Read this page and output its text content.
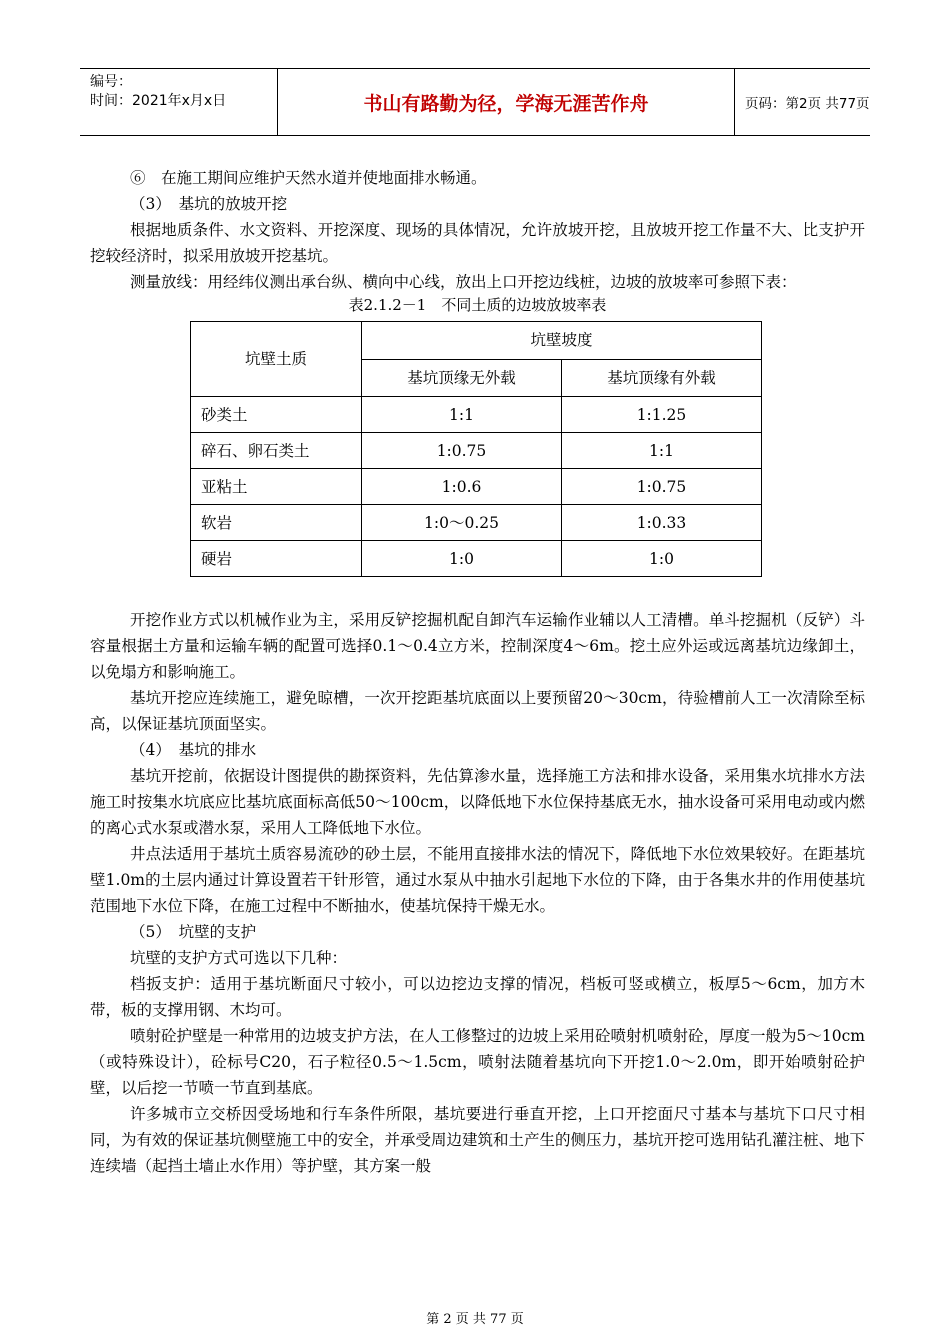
编号：
时间：2021年x月x日	书山有路勤为径，学海无涯苦作舟	页码：第2页 共77页

⑥　在施工期间应维护天然水道并使地面排水畅通。

（3）　基坑的放坡开挖

根据地质条件、水文资料、开挖深度、现场的具体情况，允许放坡开挖，且放坡开挖工作量不大、比支护开挖较经济时，拟采用放坡开挖基坑。

测量放线：用经纬仪测出承台纵、横向中心线，放出上口开挖边线桩，边坡的放坡率可参照下表：

表2.1.2－1　不同土质的边坡放坡率表

坑壁土质	坑壁坡度	
	基坑顶缘无外载	基坑顶缘有外载
砂类土	1:1	1:1.25
碎石、卵石类土	1:0.75	1:1
亚粘土	1:0.6	1:0.75
软岩	1:0～0.25	1:0.33
硬岩	1:0	1:0

开挖作业方式以机械作业为主，采用反铲挖掘机配自卸汽车运输作业辅以人工清槽。单斗挖掘机（反铲）斗容量根据土方量和运输车辆的配置可选择0.1～0.4立方米，控制深度4～6m。挖土应外运或远离基坑边缘卸土，以免塌方和影响施工。

基坑开挖应连续施工，避免晾槽，一次开挖距基坑底面以上要预留20～30cm，待验槽前人工一次清除至标高，以保证基坑顶面坚实。

（4）　基坑的排水

基坑开挖前，依据设计图提供的勘探资料，先估算渗水量，选择施工方法和排水设备，采用集水坑排水方法施工时按集水坑底应比基坑底面标高低50～100cm，以降低地下水位保持基底无水，抽水设备可采用电动或内燃的离心式水泵或潜水泵，采用人工降低地下水位。

井点法适用于基坑土质容易流砂的砂土层，不能用直接排水法的情况下，降低地下水位效果较好。在距基坑壁1.0m的土层内通过计算设置若干针形管，通过水泵从中抽水引起地下水位的下降，由于各集水井的作用使基坑范围地下水位下降，在施工过程中不断抽水，使基坑保持干燥无水。

（5）　坑壁的支护

坑壁的支护方式可选以下几种：

档扳支护：适用于基坑断面尺寸较小，可以边挖边支撑的情况，档板可竖或横立，板厚5～6cm，加方木带，板的支撑用钢、木均可。

喷射砼护壁是一种常用的边坡支护方法，在人工修整过的边坡上采用砼喷射机喷射砼，厚度一般为5～10cm（或特殊设计），砼标号C20，石子粒径0.5～1.5cm，喷射法随着基坑向下开挖1.0～2.0m，即开始喷射砼护壁，以后挖一节喷一节直到基底。

许多城市立交桥因受场地和行车条件所限，基坑要进行垂直开挖，上口开挖面尺寸基本与基坑下口尺寸相同，为有效的保证基坑侧壁施工中的安全，并承受周边建筑和土产生的侧压力，基坑开挖可选用钻孔灌注桩、地下连续墙（起挡土墙止水作用）等护壁，其方案一般

第 2 页 共 77 页
